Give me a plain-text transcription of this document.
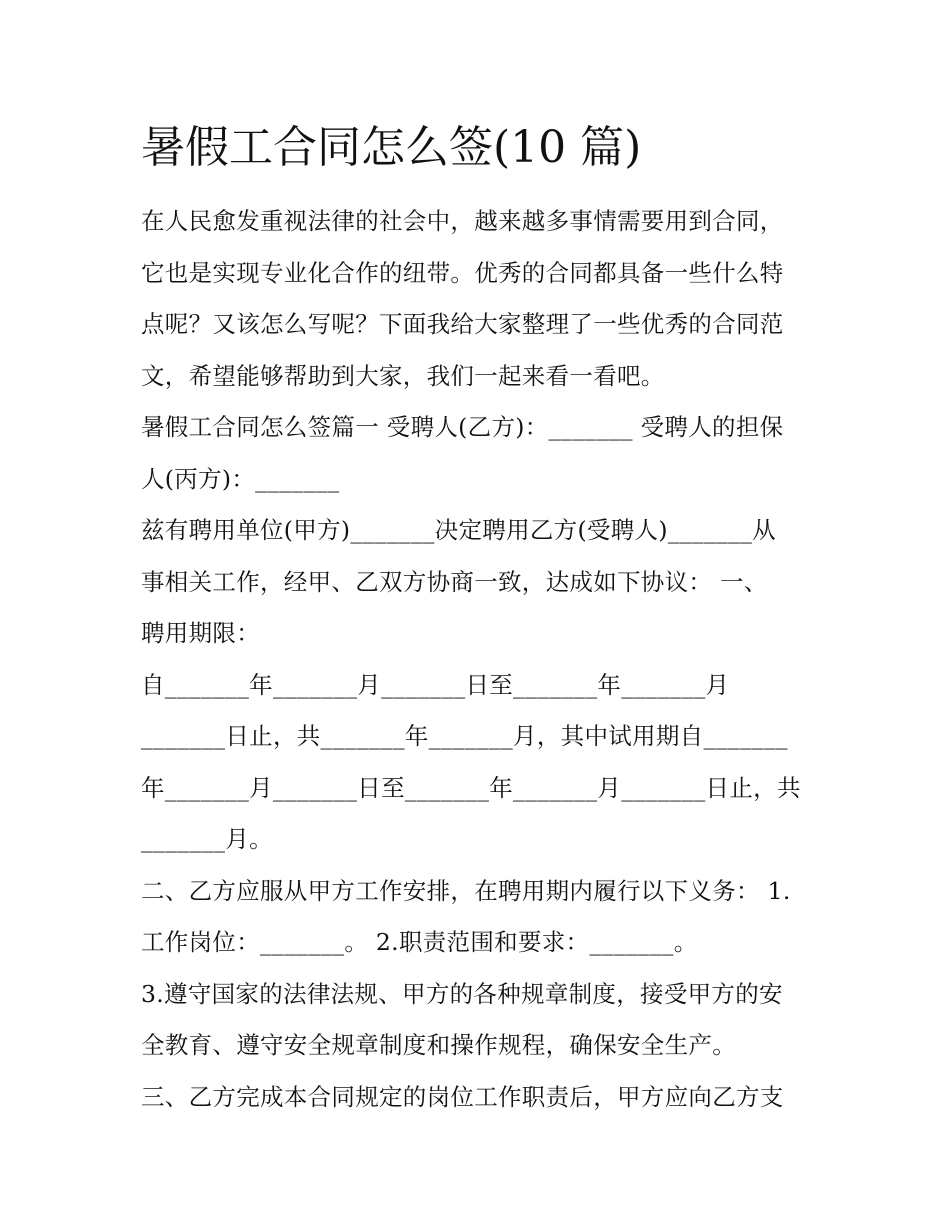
暑假工合同怎么签(10 篇)
在人民愈发重视法律的社会中，越来越多事情需要用到合同，
它也是实现专业化合作的纽带。优秀的合同都具备一些什么特
点呢？又该怎么写呢？下面我给大家整理了一些优秀的合同范
文，希望能够帮助到大家，我们一起来看一看吧。
暑假工合同怎么签篇一 受聘人(乙方)：_______ 受聘人的担保
人(丙方)：_______
兹有聘用单位(甲方)_______决定聘用乙方(受聘人)_______从
事相关工作，经甲、乙双方协商一致，达成如下协议： 一、
聘用期限：
自_______年_______月_______日至_______年_______月
_______日止，共_______年_______月，其中试用期自_______
年_______月_______日至_______年_______月_______日止，共
_______月。
二、乙方应服从甲方工作安排，在聘用期内履行以下义务： 1.
工作岗位：_______。 2.职责范围和要求：_______。
3.遵守国家的法律法规、甲方的各种规章制度，接受甲方的安
全教育、遵守安全规章制度和操作规程，确保安全生产。
三、乙方完成本合同规定的岗位工作职责后，甲方应向乙方支
